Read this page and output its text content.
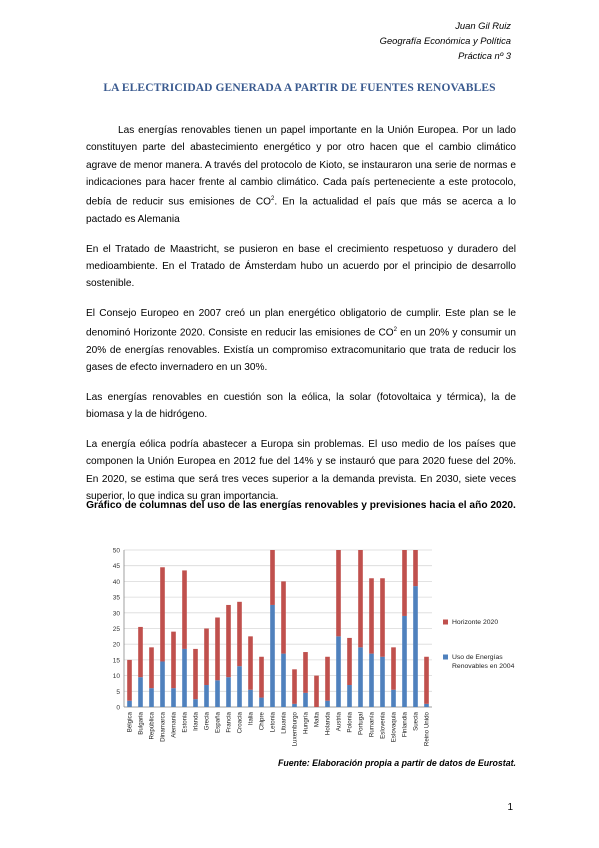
Juan Gil Ruiz
Geografía Económica y Política
Práctica nº 3
LA ELECTRICIDAD GENERADA A PARTIR DE FUENTES RENOVABLES

Las energías renovables tienen un papel importante en la Unión Europea. Por un lado constituyen parte del abastecimiento energético y por otro hacen que el cambio climático agrave de menor manera. A través del protocolo de Kioto, se instauraron una serie de normas e indicaciones para hacer frente al cambio climático. Cada país perteneciente a este protocolo, debía de reducir sus emisiones de $CO^2$. En la actualidad el país que más se acerca a lo pactado es Alemania

En el Tratado de Maastricht, se pusieron en base el crecimiento respetuoso y duradero del medioambiente. En el Tratado de Ámsterdam hubo un acuerdo por el principio de desarrollo sostenible.

El Consejo Europeo en 2007 creó un plan energético obligatorio de cumplir. Este plan se le denominó Horizonte 2020. Consiste en reducir las emisiones de $CO^2$ en un 20% y consumir un 20% de energías renovables. Existía un compromiso extracomunitario que trata de reducir los gases de efecto invernadero en un 30%.

Las energías renovables en cuestión son la eólica, la solar (fotovoltaica y térmica), la de biomasa y la de hidrógeno.

La energía eólica podría abastecer a Europa sin problemas. El uso medio de los países que componen la Unión Europea en 2012 fue del 14% y se instauró que para 2020 fuese del 20%. En 2020, se estima que será tres veces superior a la demanda prevista. En 2030, siete veces superior, lo que indica su gran importancia.

Gráfico de columnas del uso de las energías renovables y previsiones hacia el año 2020.
0
5
10
15
20
25
30
35
40
45
50
Bélgica Bulgaria República Dinamarca Alemania Estonia Irlanda Grecia España Francia Croacia Italia Chipre Letonia Lituania Luxemburgo Hungría Malta Holanda Austria Polonia Portugal Rumanía Eslovenia Eslovaquia Finlandia Suecia Reino Unido
Horizonte 2020
Uso de Energías
Renovables en 2004
Fuente: Elaboración propia a partir de datos de Eurostat.
1
